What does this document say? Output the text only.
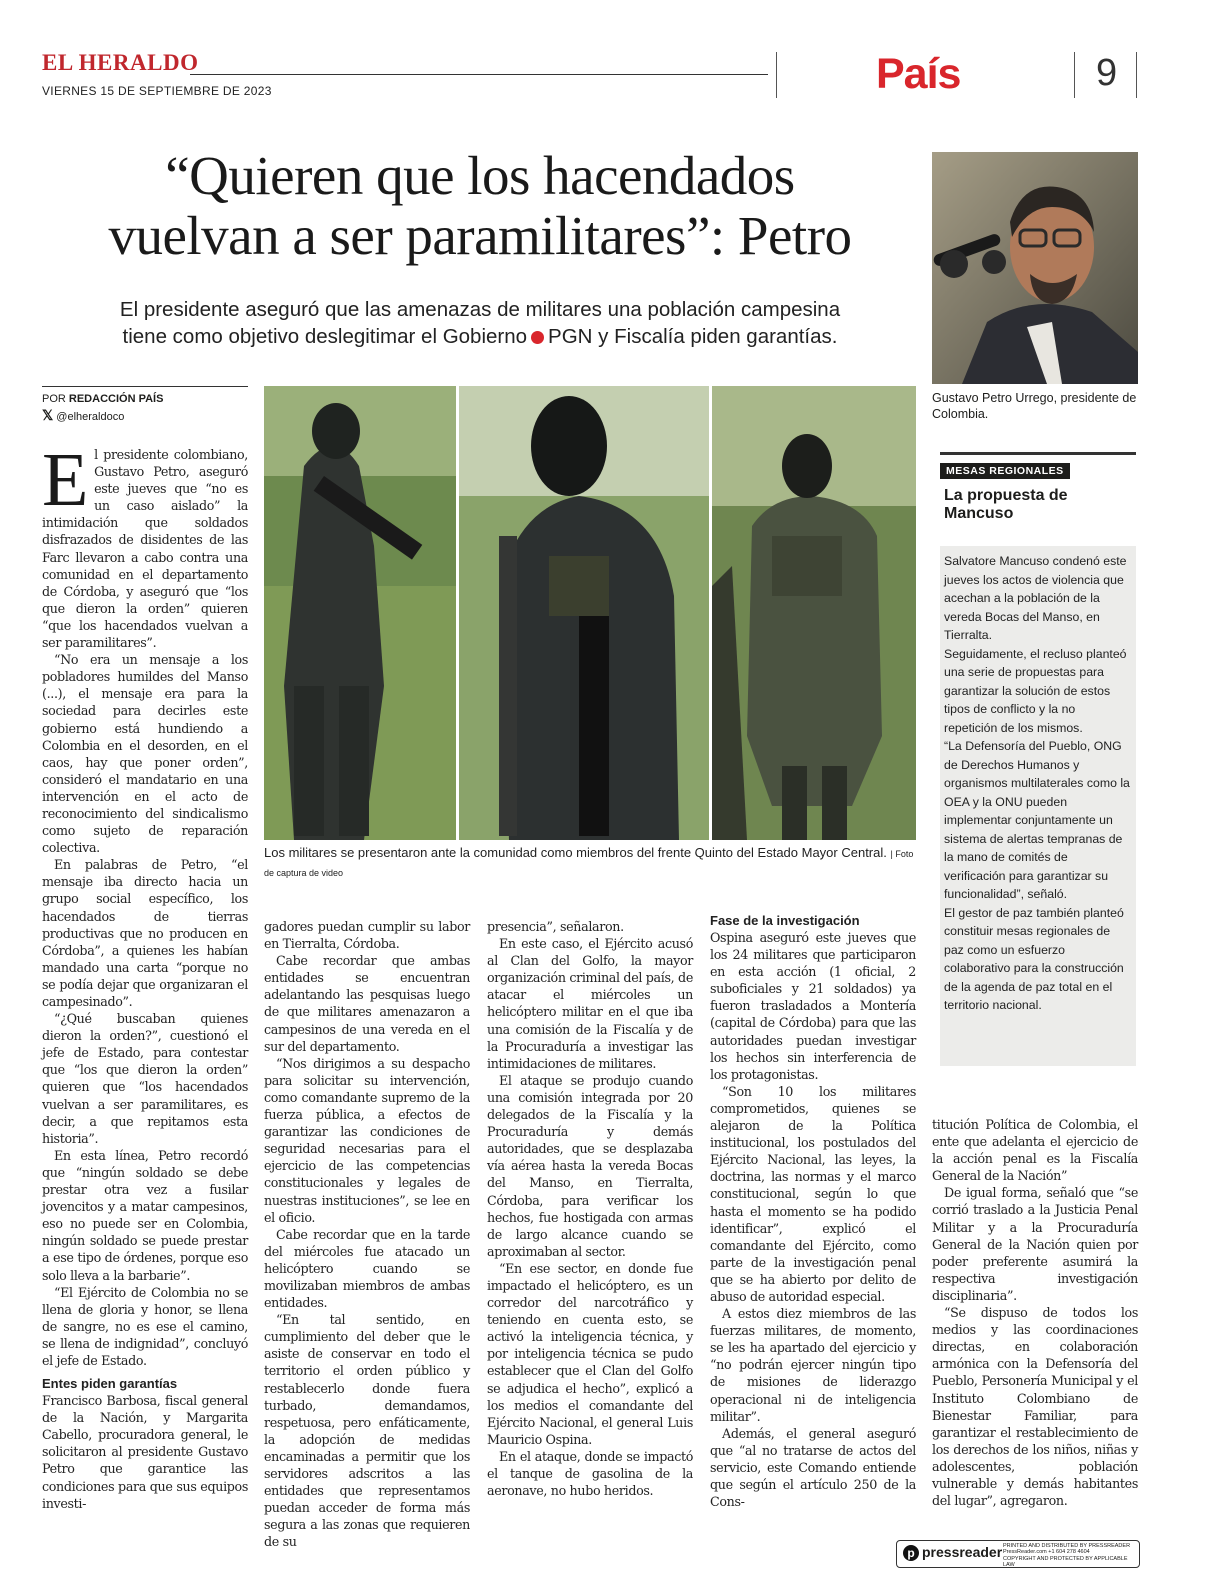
EL HERALDO
VIERNES 15 DE SEPTIEMBRE DE 2023	País	9
“Quieren que los hacendados
vuelvan a ser paramilitares”: Petro
El presidente aseguró que las amenazas de militares una población campesina
tiene como objetivo deslegitimar el Gobierno PGN y Fiscalía piden garantías.
Gustavo Petro Urrego, presidente de Colombia.
POR REDACCIÓN PAÍS
𝕏 @elheraldoco
Los militares se presentaron ante la comunidad como miembros del frente Quinto del Estado Mayor Central. | Foto de captura de video

El presidente colombiano, Gustavo Petro, aseguró este jueves que “no es un caso aislado” la intimidación que soldados disfrazados de disidentes de las Farc llevaron a cabo contra una comunidad en el departamento de Córdoba, y aseguró que “los que dieron la orden” quieren “que los hacendados vuelvan a ser paramilitares”.

“No era un mensaje a los pobladores humildes del Manso (...), el mensaje era para la sociedad para decirles este gobierno está hundiendo a Colombia en el desorden, en el caos, hay que poner orden”, consideró el mandatario en una intervención en el acto de reconocimiento del sindicalismo como sujeto de reparación colectiva.

En palabras de Petro, “el mensaje iba directo hacia un grupo social específico, los hacendados de tierras productivas que no producen en Córdoba”, a quienes les habían mandado una carta “porque no se podía dejar que organizaran el campesinado”.

“¿Qué buscaban quienes dieron la orden?”, cuestionó el jefe de Estado, para contestar que “los que dieron la orden” quieren que “los hacendados vuelvan a ser paramilitares, es decir, a que repitamos esta historia”.

En esta línea, Petro recordó que “ningún soldado se debe prestar otra vez a fusilar jovencitos y a matar campesinos, eso no puede ser en Colombia, ningún soldado se puede prestar a ese tipo de órdenes, porque eso solo lleva a la barbarie”.

“El Ejército de Colombia no se llena de gloria y honor, se llena de sangre, no es ese el camino, se llena de indignidad”, concluyó el jefe de Estado.

Entes piden garantías

Francisco Barbosa, fiscal general de la Nación, y Margarita Cabello, procuradora general, le solicitaron al presidente Gustavo Petro que garantice las condiciones para que sus equipos investi-

gadores puedan cumplir su labor en Tierralta, Córdoba.

Cabe recordar que ambas entidades se encuentran adelantando las pesquisas luego de que militares amenazaron a campesinos de una vereda en el sur del departamento.

“Nos dirigimos a su despacho para solicitar su intervención, como comandante supremo de la fuerza pública, a efectos de garantizar las condiciones de seguridad necesarias para el ejercicio de las competencias constitucionales y legales de nuestras instituciones”, se lee en el oficio.

Cabe recordar que en la tarde del miércoles fue atacado un helicóptero cuando se movilizaban miembros de ambas entidades.

“En tal sentido, en cumplimiento del deber que le asiste de conservar en todo el territorio el orden público y restablecerlo donde fuera turbado, demandamos, respetuosa, pero enfáticamente, la adopción de medidas encaminadas a permitir que los servidores adscritos a las entidades que representamos puedan acceder de forma más segura a las zonas que requieren de su

presencia”, señalaron.

En este caso, el Ejército acusó al Clan del Golfo, la mayor organización criminal del país, de atacar el miércoles un helicóptero militar en el que iba una comisión de la Fiscalía y de la Procuraduría a investigar las intimidaciones de militares.

El ataque se produjo cuando una comisión integrada por 20 delegados de la Fiscalía y la Procuraduría y demás autoridades, que se desplazaba vía aérea hasta la vereda Bocas del Manso, en Tierralta, Córdoba, para verificar los hechos, fue hostigada con armas de largo alcance cuando se aproximaban al sector.

“En ese sector, en donde fue impactado el helicóptero, es un corredor del narcotráfico y teniendo en cuenta esto, se activó la inteligencia técnica, y por inteligencia técnica se pudo establecer que el Clan del Golfo se adjudica el hecho”, explicó a los medios el comandante del Ejército Nacional, el general Luis Mauricio Ospina.

En el ataque, donde se impactó el tanque de gasolina de la aeronave, no hubo heridos.

Fase de la investigación

Ospina aseguró este jueves que los 24 militares que participaron en esta acción (1 oficial, 2 suboficiales y 21 soldados) ya fueron trasladados a Montería (capital de Córdoba) para que las autoridades puedan investigar los hechos sin interferencia de los protagonistas.

“Son 10 los militares comprometidos, quienes se alejaron de la Política institucional, los postulados del Ejército Nacional, las leyes, la doctrina, las normas y el marco constitucional, según lo que hasta el momento se ha podido identificar”, explicó el comandante del Ejército, como parte de la investigación penal que se ha abierto por delito de abuso de autoridad especial.

A estos diez miembros de las fuerzas militares, de momento, se les ha apartado del ejercicio y “no podrán ejercer ningún tipo de misiones de liderazgo operacional ni de inteligencia militar”.

Además, el general aseguró que “al no tratarse de actos del servicio, este Comando entiende que según el artículo 250 de la Cons-

titución Política de Colombia, el ente que adelanta el ejercicio de la acción penal es la Fiscalía General de la Nación”

De igual forma, señaló que “se corrió traslado a la Justicia Penal Militar y a la Procuraduría General de la Nación quien por poder preferente asumirá la respectiva investigación disciplinaria”.

“Se dispuso de todos los medios y las coordinaciones directas, en colaboración armónica con la Defensoría del Pueblo, Personería Municipal y el Instituto Colombiano de Bienestar Familiar, para garantizar el restablecimiento de los derechos de los niños, niñas y adolescentes, población vulnerable y demás habitantes del lugar”, agregaron.

MESAS REGIONALES
La propuesta de Mancuso

Salvatore Mancuso condenó este jueves los actos de violencia que acechan a la población de la vereda Bocas del Manso, en Tierralta.

Seguidamente, el recluso planteó una serie de propuestas para garantizar la solución de estos tipos de conflicto y la no repetición de los mismos.

“La Defensoría del Pueblo, ONG de Derechos Humanos y organismos multilaterales como la OEA y la ONU pueden implementar conjuntamente un sistema de alertas tempranas de la mano de comités de verificación para garantizar su funcionalidad”, señaló.

El gestor de paz también planteó constituir mesas regionales de paz como un esfuerzo colaborativo para la construcción de la agenda de paz total en el territorio nacional.

p pressreader PRINTED AND DISTRIBUTED BY PRESSREADER
PressReader.com +1 604 278 4604
COPYRIGHT AND PROTECTED BY APPLICABLE LAW
